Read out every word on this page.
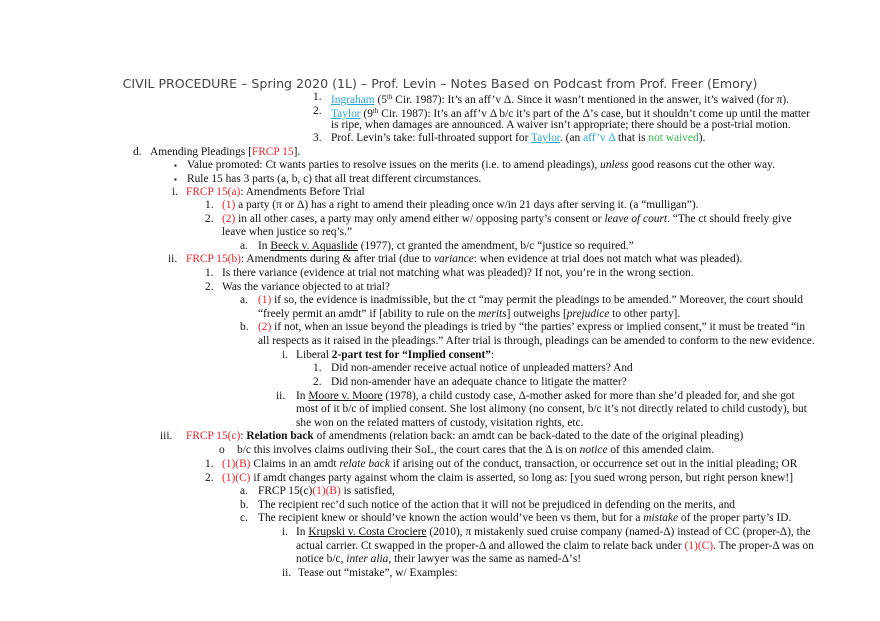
CIVIL PROCEDURE – Spring 2020 (1L) – Prof. Levin – Notes Based on Podcast from Prof. Freer (Emory)
1. Ingraham (5th Cir. 1987): It’s an aff’v Δ. Since it wasn’t mentioned in the answer, it’s waived (for π).
2. Taylor (9th Cir. 1987): It’s an aff’v Δ b/c it’s part of the Δ’s case, but it shouldn’t come up until the matter
is ripe, when damages are announced. A waiver isn’t appropriate; there should be a post-trial motion.
3. Prof. Levin’s take: full-throated support for Taylor. (an aff’v Δ that is not waived).
d. Amending Pleadings [FRCP 15].
▪ Value promoted: Ct wants parties to resolve issues on the merits (i.e. to amend pleadings), unless good reasons cut the other way.
▪ Rule 15 has 3 parts (a, b, c) that all treat different circumstances.
i. FRCP 15(a): Amendments Before Trial
1. (1) a party (π or Δ) has a right to amend their pleading once w/in 21 days after serving it. (a “mulligan”).
2. (2) in all other cases, a party may only amend either w/ opposing party’s consent or leave of court. “The ct should freely give
leave when justice so req’s.”
a. In Beeck v. Aquaslide (1977), ct granted the amendment, b/c “justice so required.”
ii. FRCP 15(b): Amendments during & after trial (due to variance: when evidence at trial does not match what was pleaded).
1. Is there variance (evidence at trial not matching what was pleaded)? If not, you’re in the wrong section.
2. Was the variance objected to at trial?
a. (1) if so, the evidence is inadmissible, but the ct “may permit the pleadings to be amended.” Moreover, the court should
“freely permit an amdt” if [ability to rule on the merits] outweighs [prejudice to other party].
b. (2) if not, when an issue beyond the pleadings is tried by “the parties’ express or implied consent,” it must be treated “in
all respects as it raised in the pleadings.” After trial is through, pleadings can be amended to conform to the new evidence.
i. Liberal 2-part test for “Implied consent”:
1. Did non-amender receive actual notice of unpleaded matters? And
2. Did non-amender have an adequate chance to litigate the matter?
ii. In Moore v. Moore (1978), a child custody case, Δ-mother asked for more than she’d pleaded for, and she got
most of it b/c of implied consent. She lost alimony (no consent, b/c it’s not directly related to child custody), but
she won on the related matters of custody, visitation rights, etc.
iii. FRCP 15(c): Relation back of amendments (relation back: an amdt can be back-dated to the date of the original pleading)
o b/c this involves claims outliving their SoL, the court cares that the Δ is on notice of this amended claim.
1. (1)(B) Claims in an amdt relate back if arising out of the conduct, transaction, or occurrence set out in the initial pleading; OR
2. (1)(C) if amdt changes party against whom the claim is asserted, so long as: [you sued wrong person, but right person knew!]
a. FRCP 15(c)(1)(B) is satisfied,
b. The recipient rec’d such notice of the action that it will not be prejudiced in defending on the merits, and
c. The recipient knew or should’ve known the action would’ve been vs them, but for a mistake of the proper party’s ID.
i. In Krupski v. Costa Crociere (2010), π mistakenly sued cruise company (named-Δ) instead of CC (proper-Δ), the
actual carrier. Ct swapped in the proper-Δ and allowed the claim to relate back under (1)(C). The proper-Δ was on
notice b/c, inter alia, their lawyer was the same as named-Δ’s!
ii. Tease out “mistake”, w/ Examples:
